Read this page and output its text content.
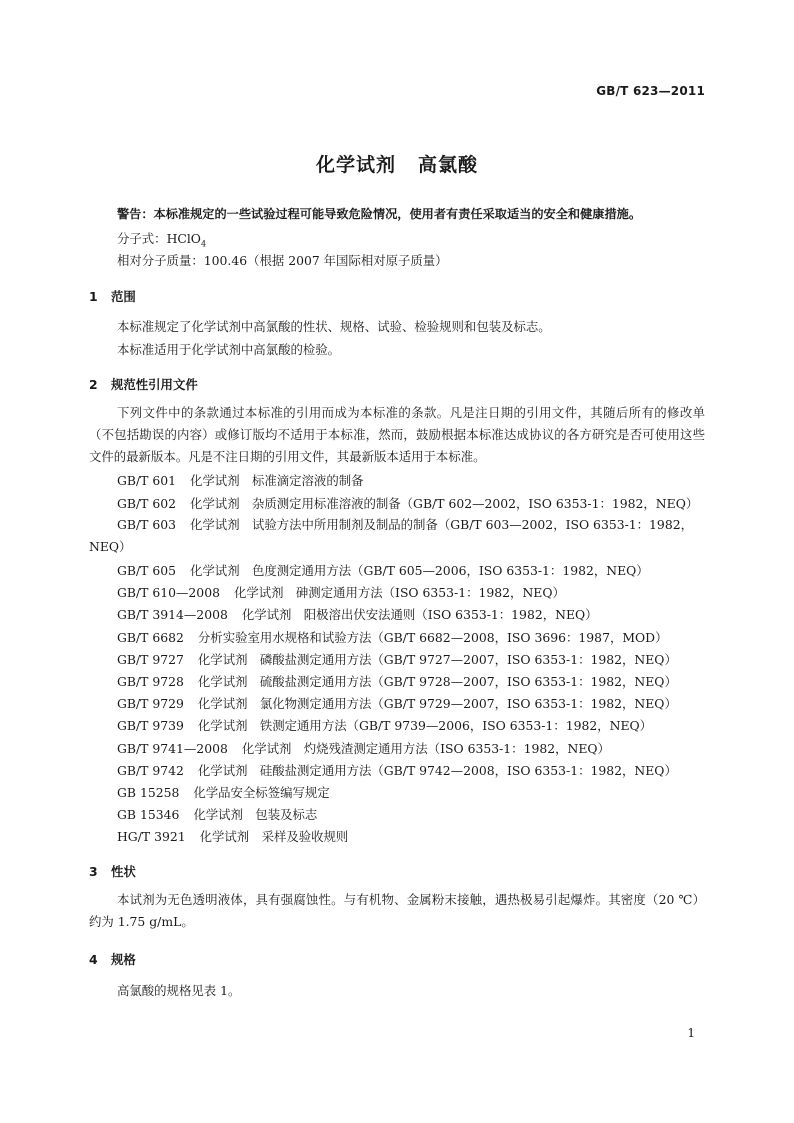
GB/T 623—2011
化学试剂 高氯酸
警告：本标准规定的一些试验过程可能导致危险情况，使用者有责任采取适当的安全和健康措施。
分子式：HClO$_4$
相对分子质量：100.46（根据 2007 年国际相对原子质量）
1 范围
本标准规定了化学试剂中高氯酸的性状、规格、试验、检验规则和包装及标志。
本标准适用于化学试剂中高氯酸的检验。
2 规范性引用文件
下列文件中的条款通过本标准的引用而成为本标准的条款。凡是注日期的引用文件，其随后所有的修改单（不包括勘误的内容）或修订版均不适用于本标准，然而，鼓励根据本标准达成协议的各方研究是否可使用这些文件的最新版本。凡是不注日期的引用文件，其最新版本适用于本标准。
GB/T 601 化学试剂　标准滴定溶液的制备
GB/T 602 化学试剂　杂质测定用标准溶液的制备（GB/T 602—2002，ISO 6353-1：1982，NEQ）
GB/T 603 化学试剂　试验方法中所用制剂及制品的制备（GB/T 603—2002，ISO 6353-1：1982，NEQ）
GB/T 605 化学试剂　色度测定通用方法（GB/T 605—2006，ISO 6353-1：1982，NEQ）
GB/T 610—2008 化学试剂　砷测定通用方法（ISO 6353-1：1982，NEQ）
GB/T 3914—2008 化学试剂　阳极溶出伏安法通则（ISO 6353-1：1982，NEQ）
GB/T 6682 分析实验室用水规格和试验方法（GB/T 6682—2008，ISO 3696：1987，MOD）
GB/T 9727 化学试剂　磷酸盐测定通用方法（GB/T 9727—2007，ISO 6353-1：1982，NEQ）
GB/T 9728 化学试剂　硫酸盐测定通用方法（GB/T 9728—2007，ISO 6353-1：1982，NEQ）
GB/T 9729 化学试剂　氯化物测定通用方法（GB/T 9729—2007，ISO 6353-1：1982，NEQ）
GB/T 9739 化学试剂　铁测定通用方法（GB/T 9739—2006，ISO 6353-1：1982，NEQ）
GB/T 9741—2008 化学试剂　灼烧残渣测定通用方法（ISO 6353-1：1982，NEQ）
GB/T 9742 化学试剂　硅酸盐测定通用方法（GB/T 9742—2008，ISO 6353-1：1982，NEQ）
GB 15258 化学品安全标签编写规定
GB 15346 化学试剂　包装及标志
HG/T 3921 化学试剂　采样及验收规则
3 性状
本试剂为无色透明液体，具有强腐蚀性。与有机物、金属粉末接触，遇热极易引起爆炸。其密度（20 ℃）约为 1.75 g/mL。
4 规格
高氯酸的规格见表 1。
1
